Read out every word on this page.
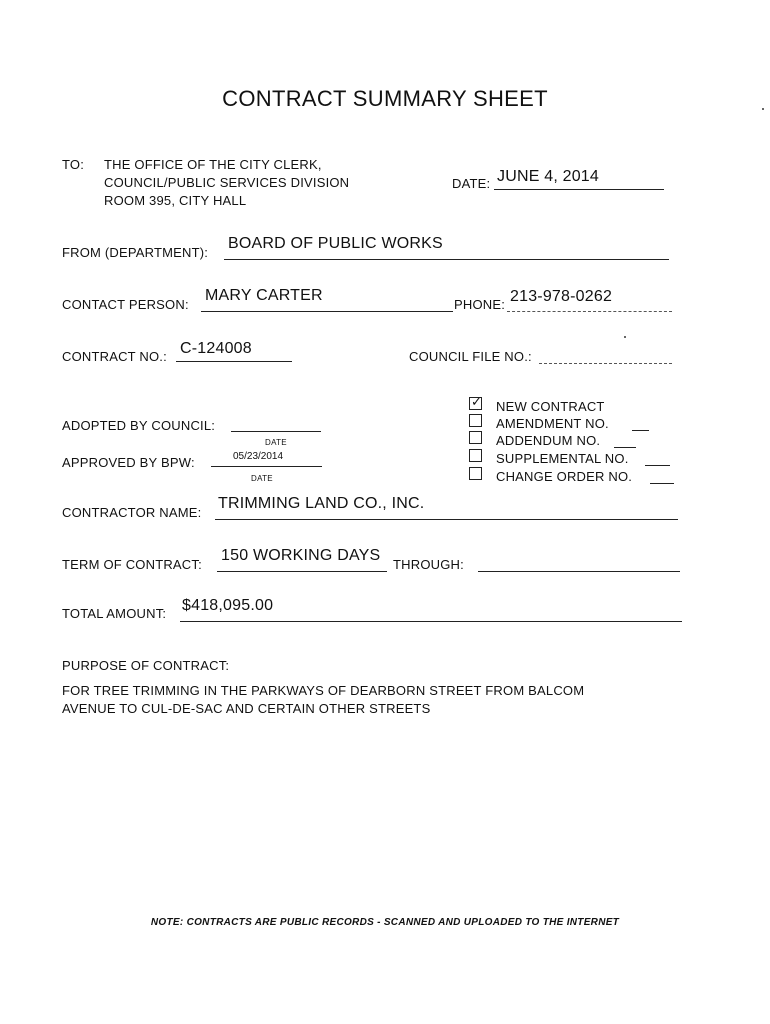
CONTRACT SUMMARY SHEET
TO: THE OFFICE OF THE CITY CLERK,
COUNCIL/PUBLIC SERVICES DIVISION
ROOM 395, CITY HALL
DATE: JUNE 4, 2014
FROM (DEPARTMENT):
BOARD OF PUBLIC WORKS
CONTACT PERSON:
MARY CARTER
PHONE: 213-978-0262
CONTRACT NO.: C-124008	COUNCIL FILE NO.:
ADOPTED BY COUNCIL:
DATE
APPROVED BY BPW:	05/23/2014
DATE
✓ NEW CONTRACT
AMENDMENT NO.
ADDENDUM NO.
SUPPLEMENTAL NO.
CHANGE ORDER NO.
CONTRACTOR NAME:
TRIMMING LAND CO., INC.
TERM OF CONTRACT:
150 WORKING DAYS
THROUGH:
TOTAL AMOUNT: $418,095.00
PURPOSE OF CONTRACT:
FOR TREE TRIMMING IN THE PARKWAYS OF DEARBORN STREET FROM BALCOM
AVENUE TO CUL-DE-SAC AND CERTAIN OTHER STREETS
NOTE: CONTRACTS ARE PUBLIC RECORDS - SCANNED AND UPLOADED TO THE INTERNET
